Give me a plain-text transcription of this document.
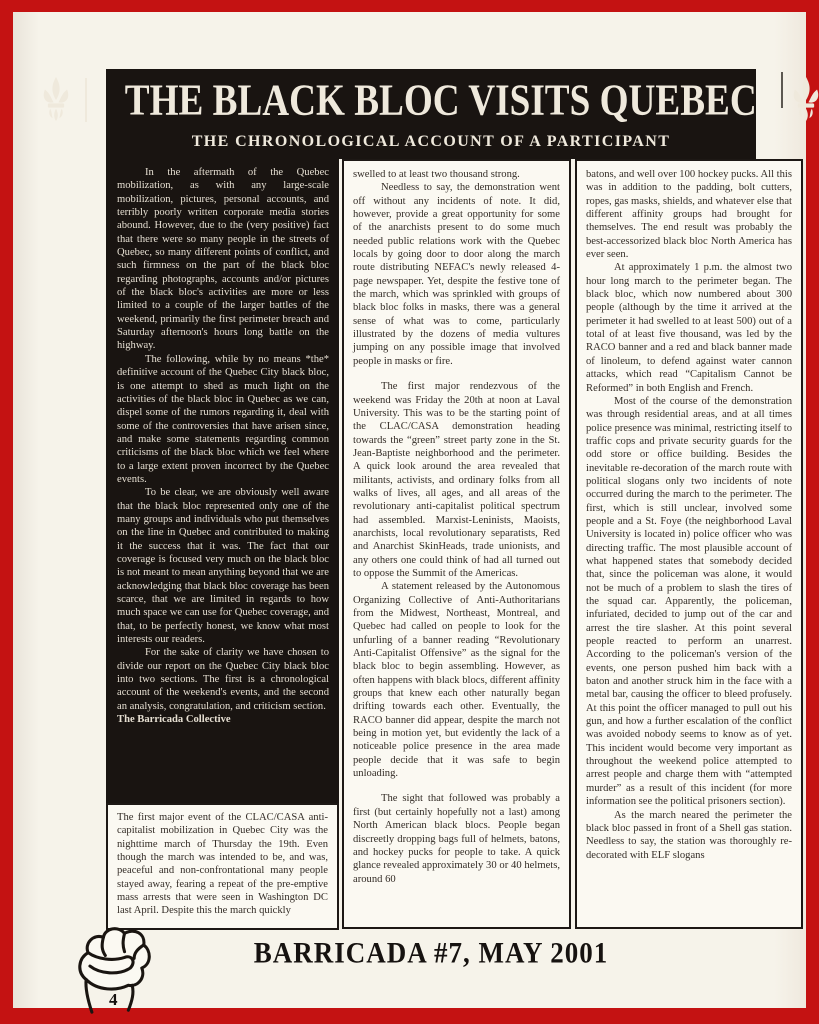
THE BLACK BLOC VISITS QUEBEC
THE CHRONOLOGICAL ACCOUNT OF A PARTICIPANT

In the aftermath of the Quebec mobilization, as with any large-scale mobilization, pictures, personal accounts, and terribly poorly written corporate media stories abound. However, due to the (very positive) fact that there were so many people in the streets of Quebec, so many different points of conflict, and such firmness on the part of the black bloc regarding photographs, accounts and/or pictures of the black bloc's activities are more or less limited to a couple of the larger battles of the weekend, primarily the first perimeter breach and Saturday afternoon's hours long battle on the highway.

The following, while by no means *the* definitive account of the Quebec City black bloc, is one attempt to shed as much light on the activities of the black bloc in Quebec as we can, dispel some of the rumors regarding it, deal with some of the controversies that have arisen since, and make some statements regarding common criticisms of the black bloc which we feel where to a large extent proven incorrect by the Quebec events.

To be clear, we are obviously well aware that the black bloc represented only one of the many groups and individuals who put themselves on the line in Quebec and contributed to making it the success that it was. The fact that our coverage is focused very much on the black bloc is not meant to mean anything beyond that we are acknowledging that black bloc coverage has been scarce, that we are limited in regards to how much space we can use for Quebec coverage, and that, to be perfectly honest, we know what most interests our readers.

For the sake of clarity we have chosen to divide our report on the Quebec City black bloc into two sections. The first is a chronological account of the weekend's events, and the second an analysis, congratulation, and criticism section.

The Barricada Collective

The first major event of the CLAC/CASA anti-capitalist mobilization in Quebec City was the nighttime march of Thursday the 19th. Even though the march was intended to be, and was, peaceful and non-confrontational many people stayed away, fearing a repeat of the pre-emptive mass arrests that were seen in Washington DC last April. Despite this the march quickly

swelled to at least two thousand strong.

Needless to say, the demonstration went off without any incidents of note. It did, however, provide a great opportunity for some of the anarchists present to do some much needed public relations work with the Quebec locals by going door to door along the march route distributing NEFAC's newly released 4-page newspaper. Yet, despite the festive tone of the march, which was sprinkled with groups of black bloc folks in masks, there was a general sense of what was to come, particularly illustrated by the dozens of media vultures jumping on any possible image that involved people in masks or fire.

The first major rendezvous of the weekend was Friday the 20th at noon at Laval University. This was to be the starting point of the CLAC/CASA demonstration heading towards the “green” street party zone in the St. Jean-Baptiste neighborhood and the perimeter. A quick look around the area revealed that militants, activists, and ordinary folks from all walks of lives, all ages, and all areas of the revolutionary anti-capitalist political spectrum had assembled. Marxist-Leninists, Maoists, anarchists, local revolutionary separatists, Red and Anarchist SkinHeads, trade unionists, and any others one could think of had all turned out to oppose the Summit of the Americas.

A statement released by the Autonomous Organizing Collective of Anti-Authoritarians from the Midwest, Northeast, Montreal, and Quebec had called on people to look for the unfurling of a banner reading “Revolutionary Anti-Capitalist Offensive” as the signal for the black bloc to begin assembling. However, as often happens with black blocs, different affinity groups that knew each other naturally began drifting towards each other. Eventually, the RACO banner did appear, despite the march not being in motion yet, but evidently the lack of a noticeable police presence in the area made people decide that it was safe to begin unloading.

The sight that followed was probably a first (but certainly hopefully not a last) among North American black blocs. People began discreetly dropping bags full of helmets, batons, and hockey pucks for people to take. A quick glance revealed approximately 30 or 40 helmets, around 60

batons, and well over 100 hockey pucks. All this was in addition to the padding, bolt cutters, ropes, gas masks, shields, and whatever else that different affinity groups had brought for themselves. The end result was probably the best-accessorized black bloc North America has ever seen.

At approximately 1 p.m. the almost two hour long march to the perimeter began. The black bloc, which now numbered about 300 people (although by the time it arrived at the perimeter it had swelled to at least 500) out of a total of at least five thousand, was led by the RACO banner and a red and black banner made of linoleum, to defend against water cannon attacks, which read “Capitalism Cannot be Reformed” in both English and French.

Most of the course of the demonstration was through residential areas, and at all times police presence was minimal, restricting itself to traffic cops and private security guards for the odd store or office building. Besides the inevitable re-decoration of the march route with political slogans only two incidents of note occurred during the march to the perimeter. The first, which is still unclear, involved some people and a St. Foye (the neighborhood Laval University is located in) police officer who was directing traffic. The most plausible account of what happened states that somebody decided that, since the policeman was alone, it would not be much of a problem to slash the tires of the squad car. Apparently, the policeman, infuriated, decided to jump out of the car and arrest the tire slasher. At this point several people reacted to perform an unarrest. According to the policeman's version of the events, one person pushed him back with a baton and another struck him in the face with a metal bar, causing the officer to bleed profusely. At this point the officer managed to pull out his gun, and how a further escalation of the conflict was avoided nobody seems to know as of yet. This incident would become very important as throughout the weekend police attempted to arrest people and charge them with “attempted murder” as a result of this incident (for more information see the political prisoners section).

As the march neared the perimeter the black bloc passed in front of a Shell gas station. Needless to say, the station was thoroughly re-decorated with ELF slogans

BARRICADA #7, MAY 2001
4
